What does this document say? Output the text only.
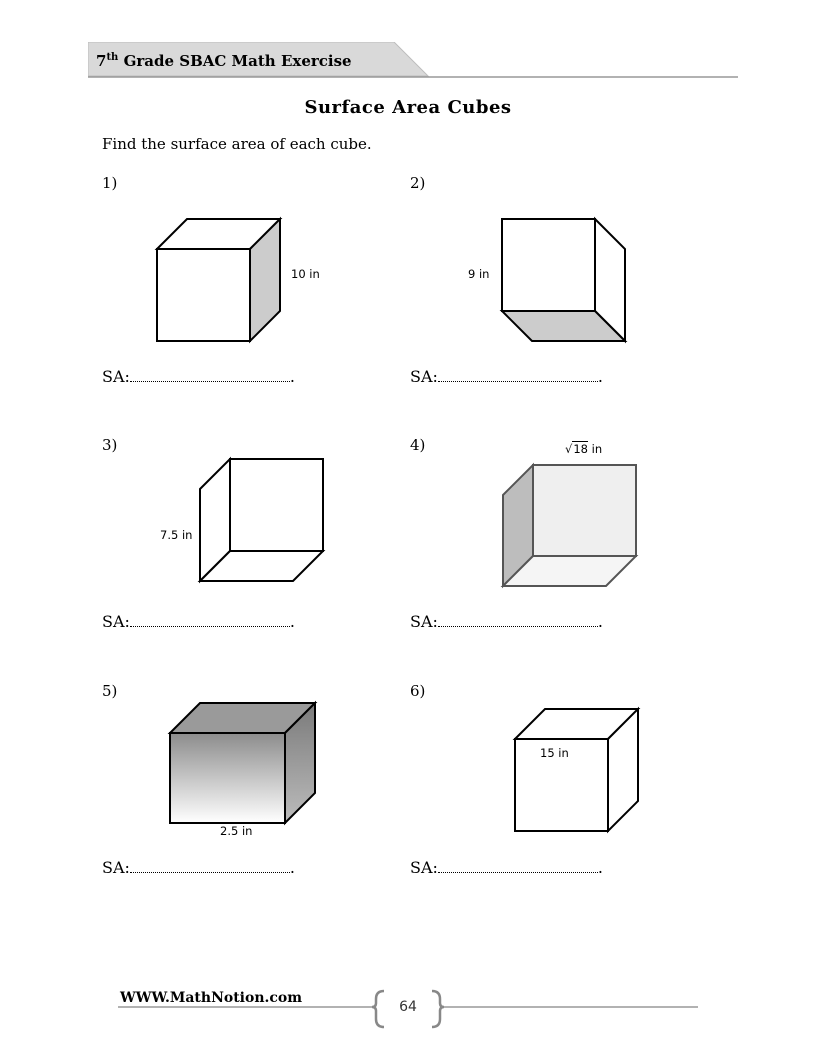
7th Grade SBAC Math Exercise
Surface Area Cubes
Find the surface area of each cube.
1)
10 in
SA:	.
2)
9 in
SA:	.
3)
7.5 in
SA:	.
4)	√18 in
SA:	.
5)
2.5 in
SA:	.
6)
15 in
SA:	.
WWW.MathNotion.com
64
